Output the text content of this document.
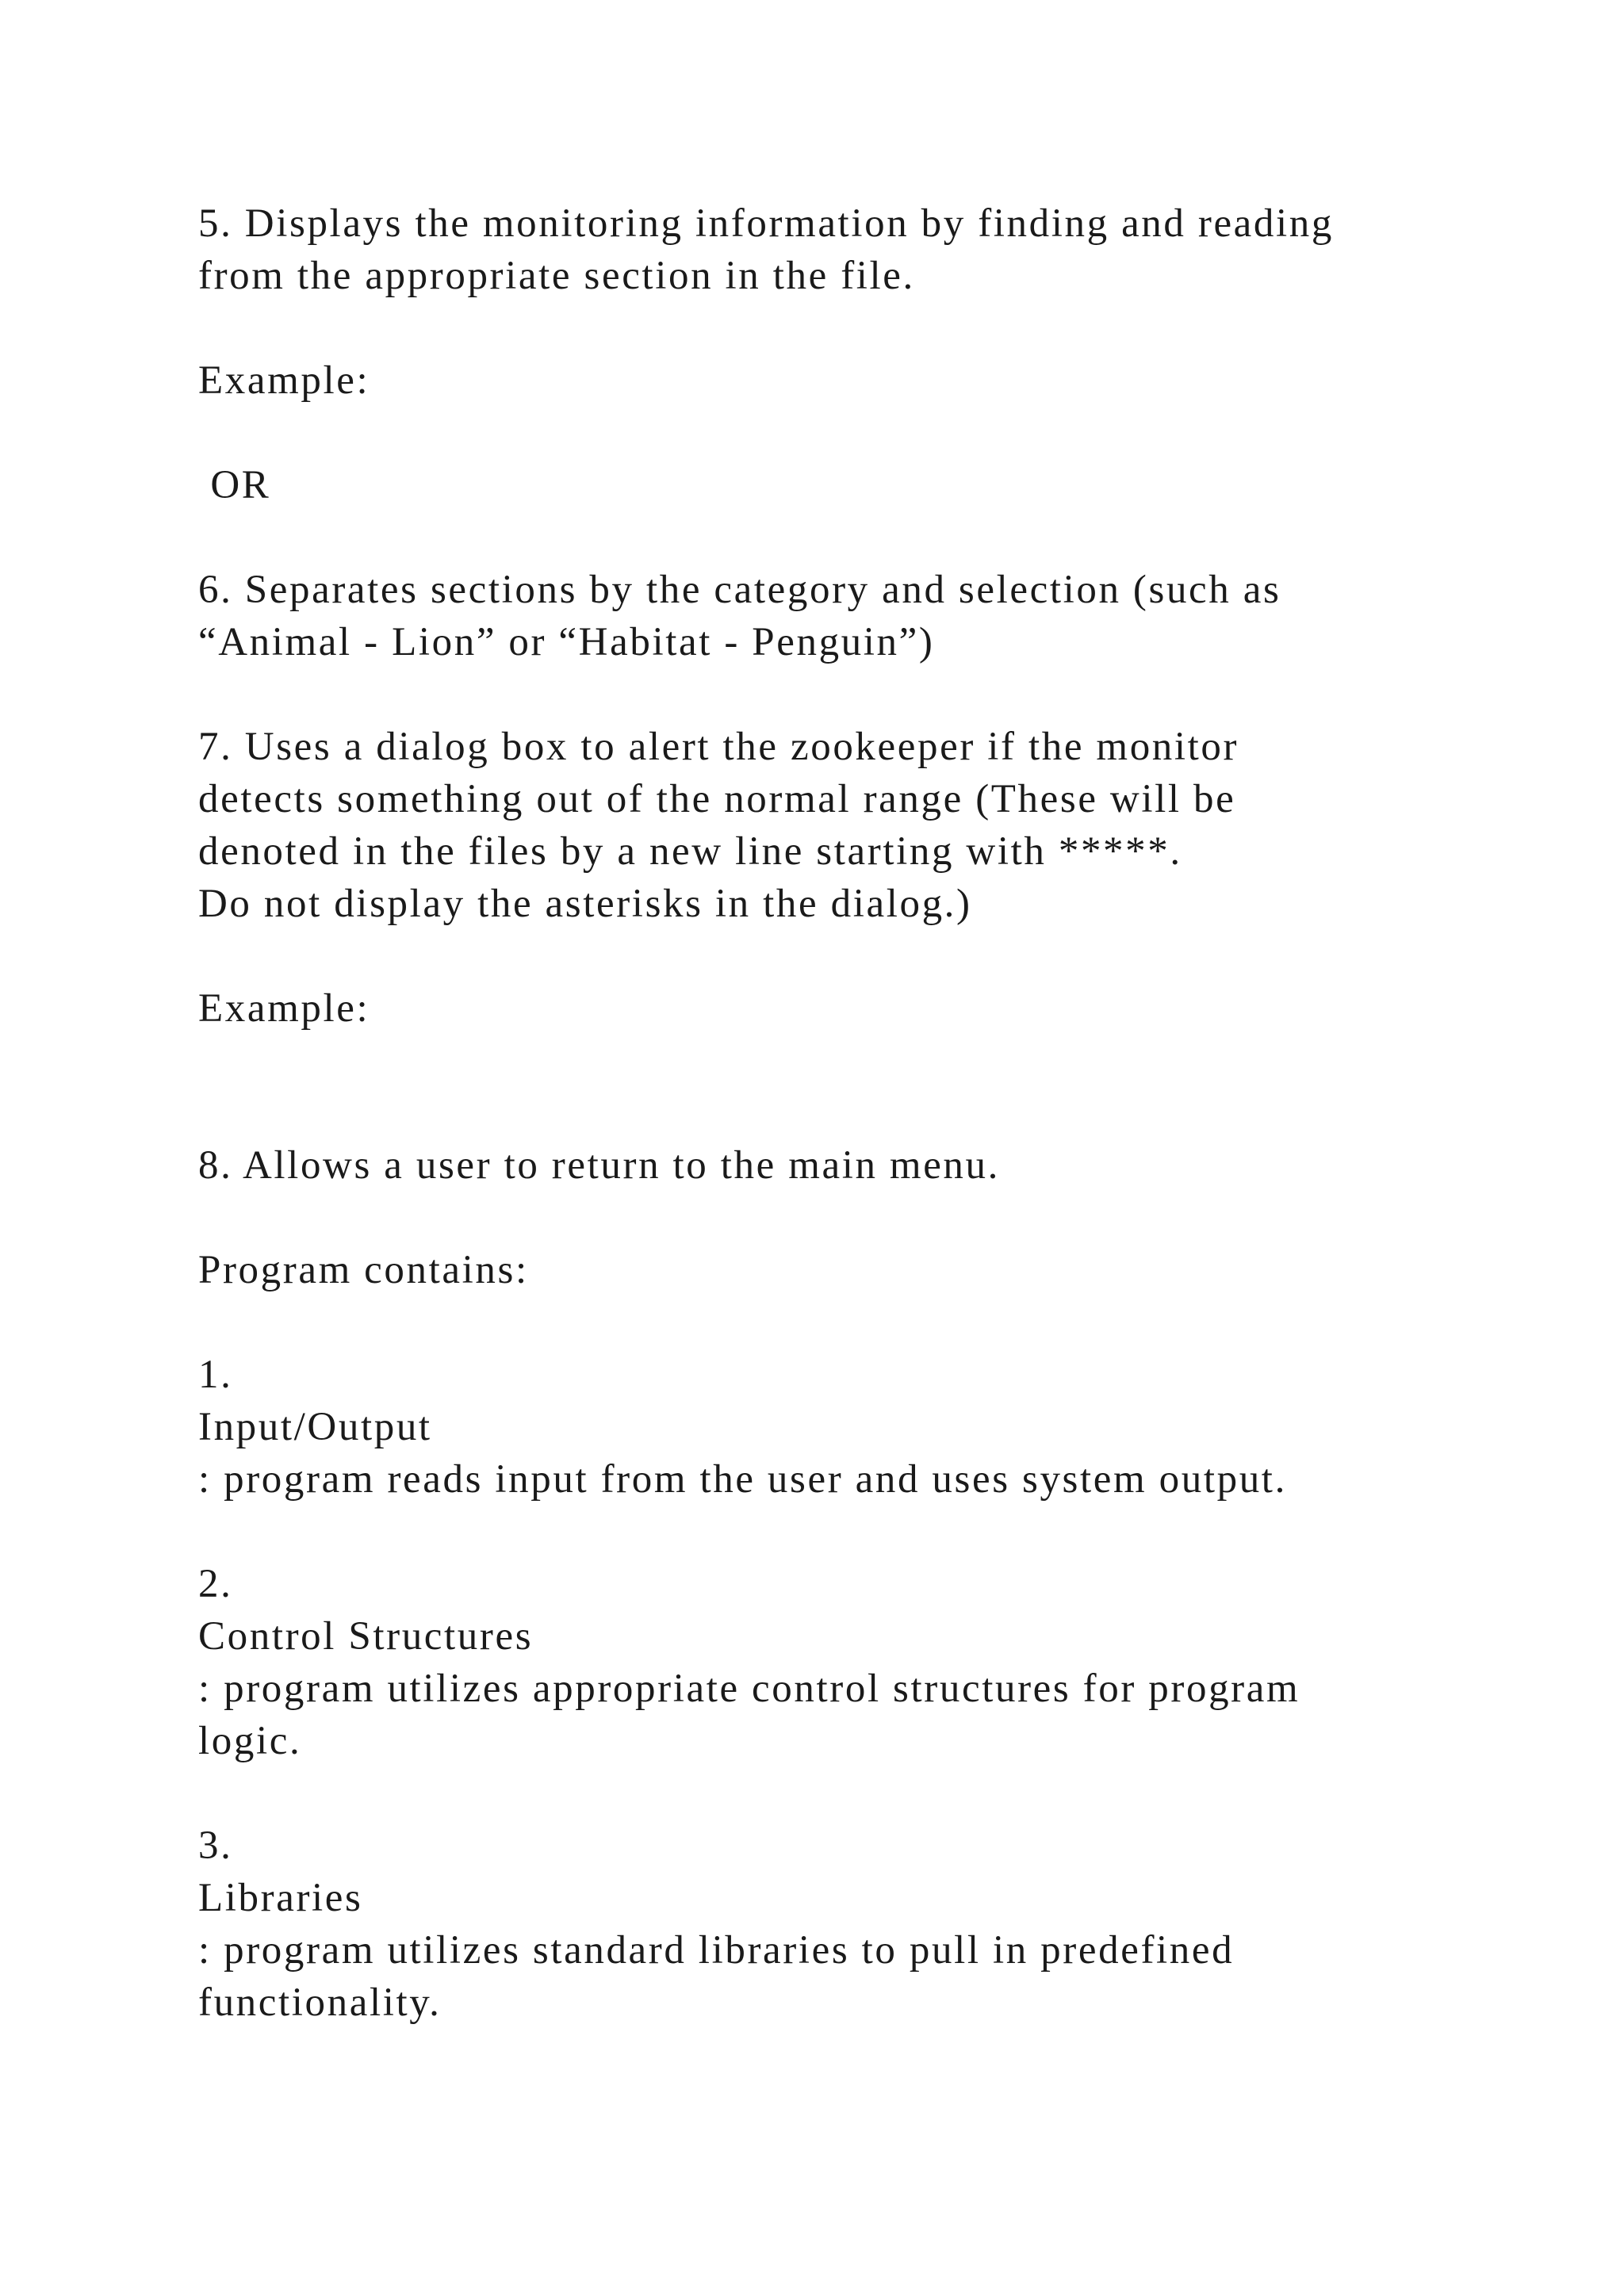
5. Displays the monitoring information by finding and reading
from the appropriate section in the file.
Example:
OR
6. Separates sections by the category and selection (such as
“Animal - Lion” or “Habitat - Penguin”)
7. Uses a dialog box to alert the zookeeper if the monitor
detects something out of the normal range (These will be
denoted in the files by a new line starting with *****.
Do not display the asterisks in the dialog.)
Example:
8. Allows a user to return to the main menu.
Program contains:
1.
Input/Output
: program reads input from the user and uses system output.
2.
Control Structures
: program utilizes appropriate control structures for program
logic.
3.
Libraries
: program utilizes standard libraries to pull in predefined
functionality.
